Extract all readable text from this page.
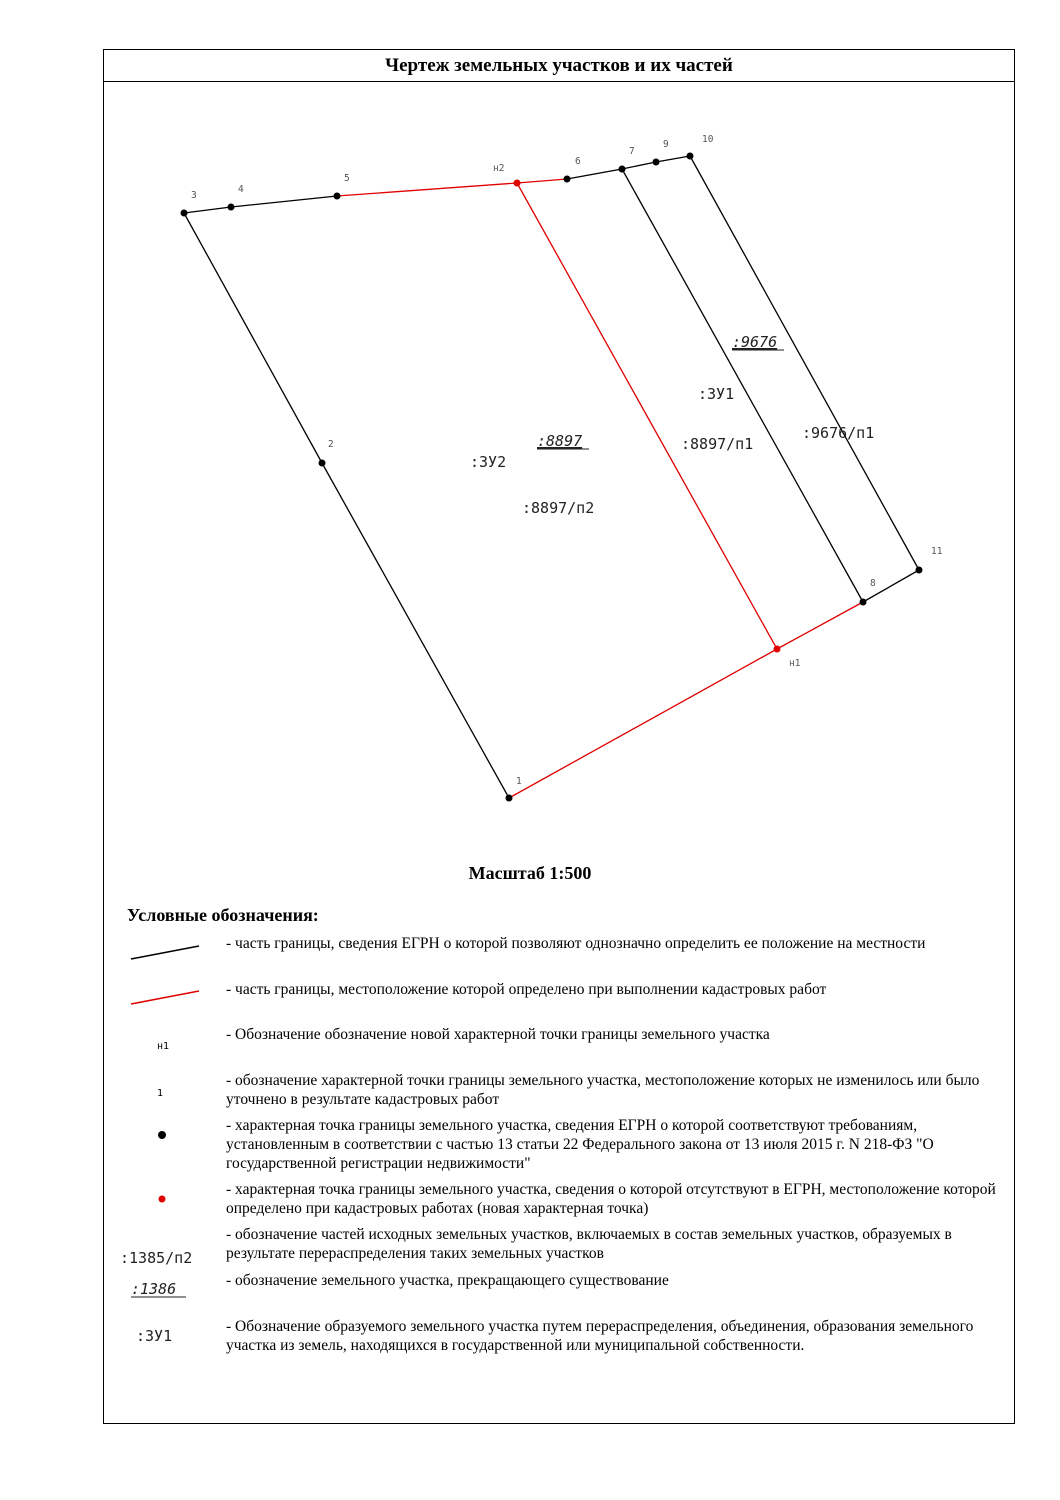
Чертеж земельных участков и их частей
1
2
3
4
5
н2
6
7
9	10
11
8
н1
:ЗУ2
:ЗУ1
:8897/п2
:8897/п1
:9676/п1
:8897
:9676
Масштаб 1:500
Условные обозначения:
н1
1
:1385/п2
:1386
:ЗУ1
- часть границы, сведения ЕГРН о которой позволяют однозначно определить ее положение на местности
- часть границы, местоположение которой определено при выполнении кадастровых работ
- Обозначение обозначение новой характерной точки границы земельного участка
- обозначение характерной точки границы земельного участка, местоположение которых не изменилось или было уточнено в результате кадастровых работ
- характерная точка границы земельного участка, сведения ЕГРН о которой соответствуют требованиям, установленным в соответствии с частью 13 статьи 22 Федерального закона от 13 июля 2015 г. N 218-ФЗ "О государственной регистрации недвижимости"
- характерная точка границы земельного участка, сведения о которой отсутствуют в ЕГРН, местоположение которой определено при кадастровых работах (новая характерная точка)
- обозначение частей исходных земельных участков, включаемых в состав земельных участков, образуемых в результате перераспределения таких земельных участков
- обозначение земельного участка, прекращающего существование
- Обозначение образуемого земельного участка путем перераспределения, объединения, образования земельного участка из земель, находящихся в государственной или муниципальной собственности.
